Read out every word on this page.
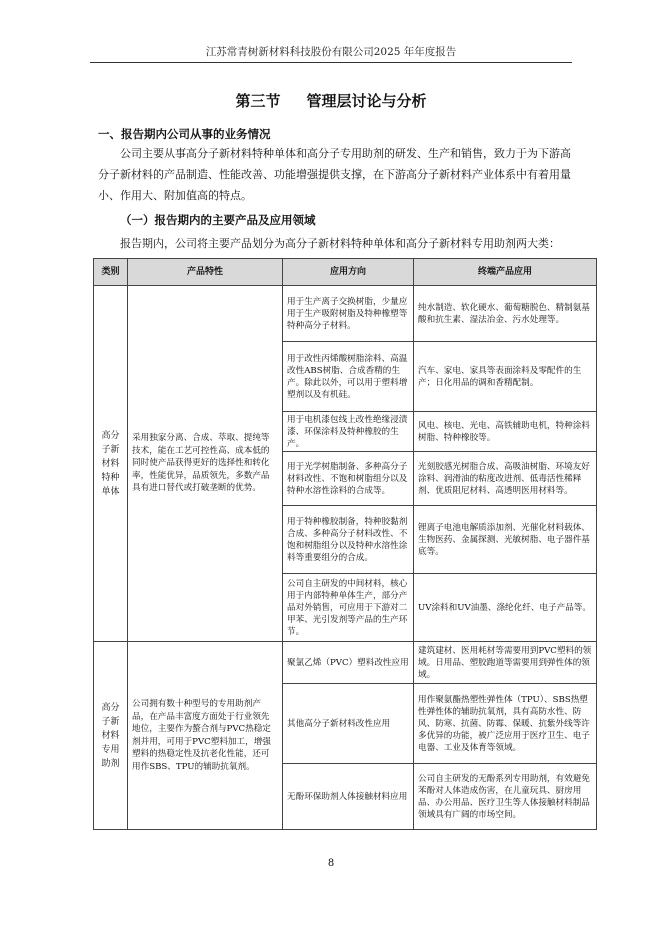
江苏常青树新材料科技股份有限公司2025 年年度报告
第三节 管理层讨论与分析
一、报告期内公司从事的业务情况
公司主要从事高分子新材料特种单体和高分子专用助剂的研发、生产和销售，致力于为下游高分子新材料的产品制造、性能改善、功能增强提供支撑，在下游高分子新材料产业体系中有着用量小、作用大、附加值高的特点。
（一）报告期内的主要产品及应用领域
报告期内，公司将主要产品划分为高分子新材料特种单体和高分子新材料专用助剂两大类：
类别	产品特性	应用方向	终端产品应用
高分子新材料特种单体	采用独家分离、合成、萃取、提纯等技术，能在工艺可控性高、成本低的同时使产品获得更好的选择性和转化率，性能优异，品质领先，多数产品具有进口替代或打破垄断的优势。	用于生产离子交换树脂，少量应用于生产吸附树脂及特种橡塑等特种高分子材料。	纯水制造、软化硬水、葡萄糖脱色、精制氨基酸和抗生素、湿法冶金、污水处理等。
		用于改性丙烯酸树脂涂料、高温改性ABS树脂、合成香精的生产。除此以外，可以用于塑料增塑剂以及有机硅。	汽车、家电、家具等表面涂料及零配件的生产；日化用品的调和香精配制。
		用于电机漆包线上改性绝缘浸渍漆、环保涂料及特种橡胶的生产。	风电、核电、光电、高铁辅助电机，特种涂料树脂、特种橡胶等。
		用于光学树脂制备、多种高分子材料改性、不饱和树脂组分以及特种水溶性涂料的合成等。	光刻胶感光树脂合成、高吸油树脂、环境友好涂料、润滑油的粘度改进剂、低毒活性稀释剂、优质阻尼材料、高透明医用材料等。
		用于特种橡胶制备，特种胶黏剂合成、多种高分子材料改性、不饱和树脂组分以及特种水溶性涂料等重要组分的合成。	锂离子电池电解质添加剂、光催化材料载体、生物医药、金属探测、光敏树脂、电子器件基底等。
		公司自主研发的中间材料，核心用于内部特种单体生产，部分产品对外销售，可应用于下游对二甲苯、光引发剂等产品的生产环节。	UV涂料和UV油墨、涤纶化纤、电子产品等。
高分子新材料专用助剂	公司拥有数十种型号的专用助剂产品，在产品丰富度方面处于行业领先地位，主要作为螯合剂与PVC热稳定剂并用，可用于PVC塑料加工，增强塑料的热稳定性及抗老化性能，还可用作SBS、TPU的辅助抗氧剂。	聚氯乙烯（PVC）塑料改性应用	建筑建材、医用耗材等需要用到PVC塑料的领域。日用品、塑胶跑道等需要用到弹性体的领域。
		其他高分子新材料改性应用	用作聚氨酯热塑性弹性体（TPU）、SBS热塑性弹性体的辅助抗氧剂，具有高防水性、防风、防寒、抗菌、防霉、保暖、抗紫外线等许多优异的功能，被广泛应用于医疗卫生、电子电器、工业及体育等领域。
		无酚环保助剂人体接触材料应用	公司自主研发的无酚系列专用助剂，有效避免苯酚对人体造成伤害，在儿童玩具、厨房用品、办公用品、医疗卫生等人体接触材料制品领域具有广阔的市场空间。
8
